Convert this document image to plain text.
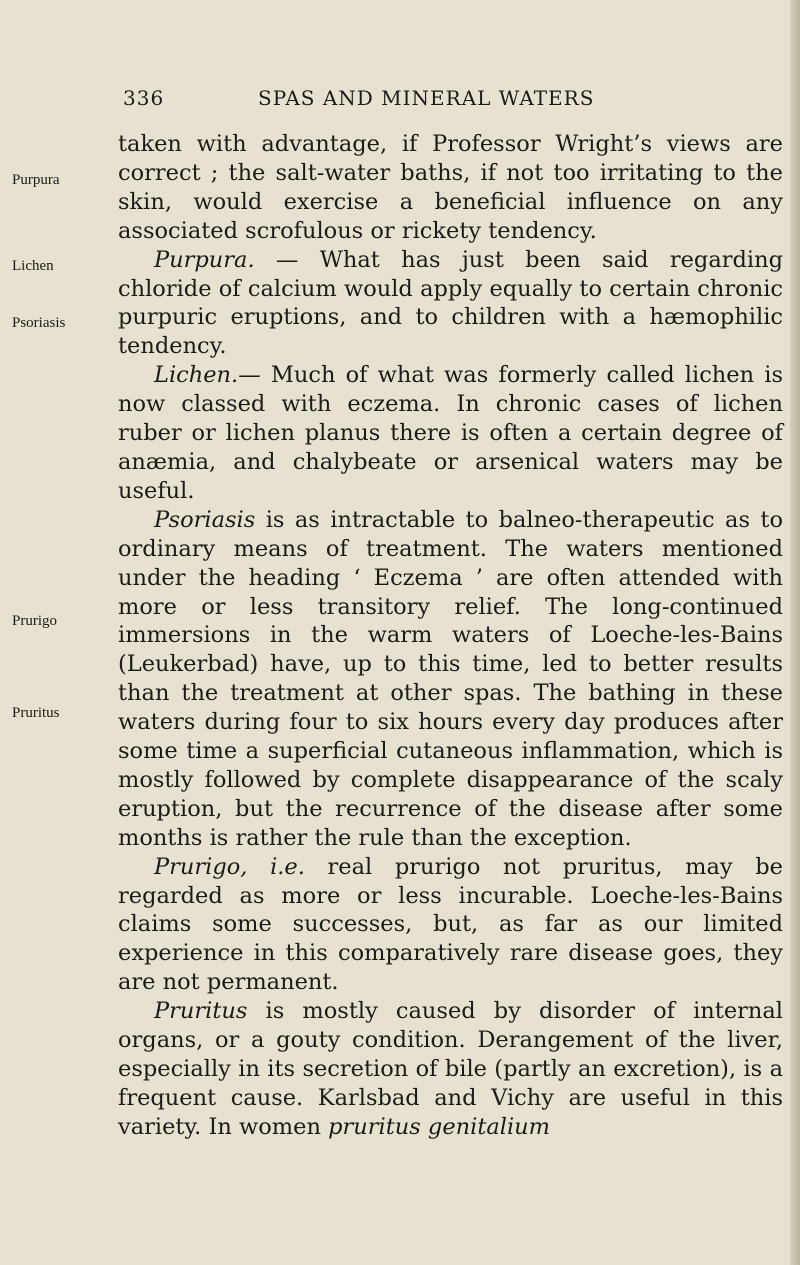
336	SPAS AND MINERAL WATERS
Purpura
Lichen
Psoriasis
Prurigo
Pruritus

taken with advantage, if Professor Wright’s views are correct ; the salt-water baths, if not too irritating to the skin, would exercise a beneficial influence on any associated scrofulous or rickety tendency.

Purpura. — What has just been said regarding chloride of calcium would apply equally to certain chronic purpuric eruptions, and to children with a hæmophilic tendency.

Lichen.— Much of what was formerly called lichen is now classed with eczema. In chronic cases of lichen ruber or lichen planus there is often a certain degree of anæmia, and chalybeate or arsenical waters may be useful.

Psoriasis is as intractable to balneo-therapeutic as to ordinary means of treatment. The waters mentioned under the heading ‘ Eczema ’ are often attended with more or less transitory relief. The long-continued immersions in the warm waters of Loeche-les-Bains (Leukerbad) have, up to this time, led to better results than the treatment at other spas. The bathing in these waters during four to six hours every day produces after some time a superficial cutaneous inflammation, which is mostly followed by complete disappearance of the scaly eruption, but the recurrence of the disease after some months is rather the rule than the exception.

Prurigo, i.e. real prurigo not pruritus, may be regarded as more or less incurable. Loeche-les-Bains claims some successes, but, as far as our limited experience in this comparatively rare disease goes, they are not permanent.

Pruritus is mostly caused by disorder of internal organs, or a gouty condition. Derangement of the liver, especially in its secretion of bile (partly an excretion), is a frequent cause. Karlsbad and Vichy are useful in this variety. In women pruritus genitalium
